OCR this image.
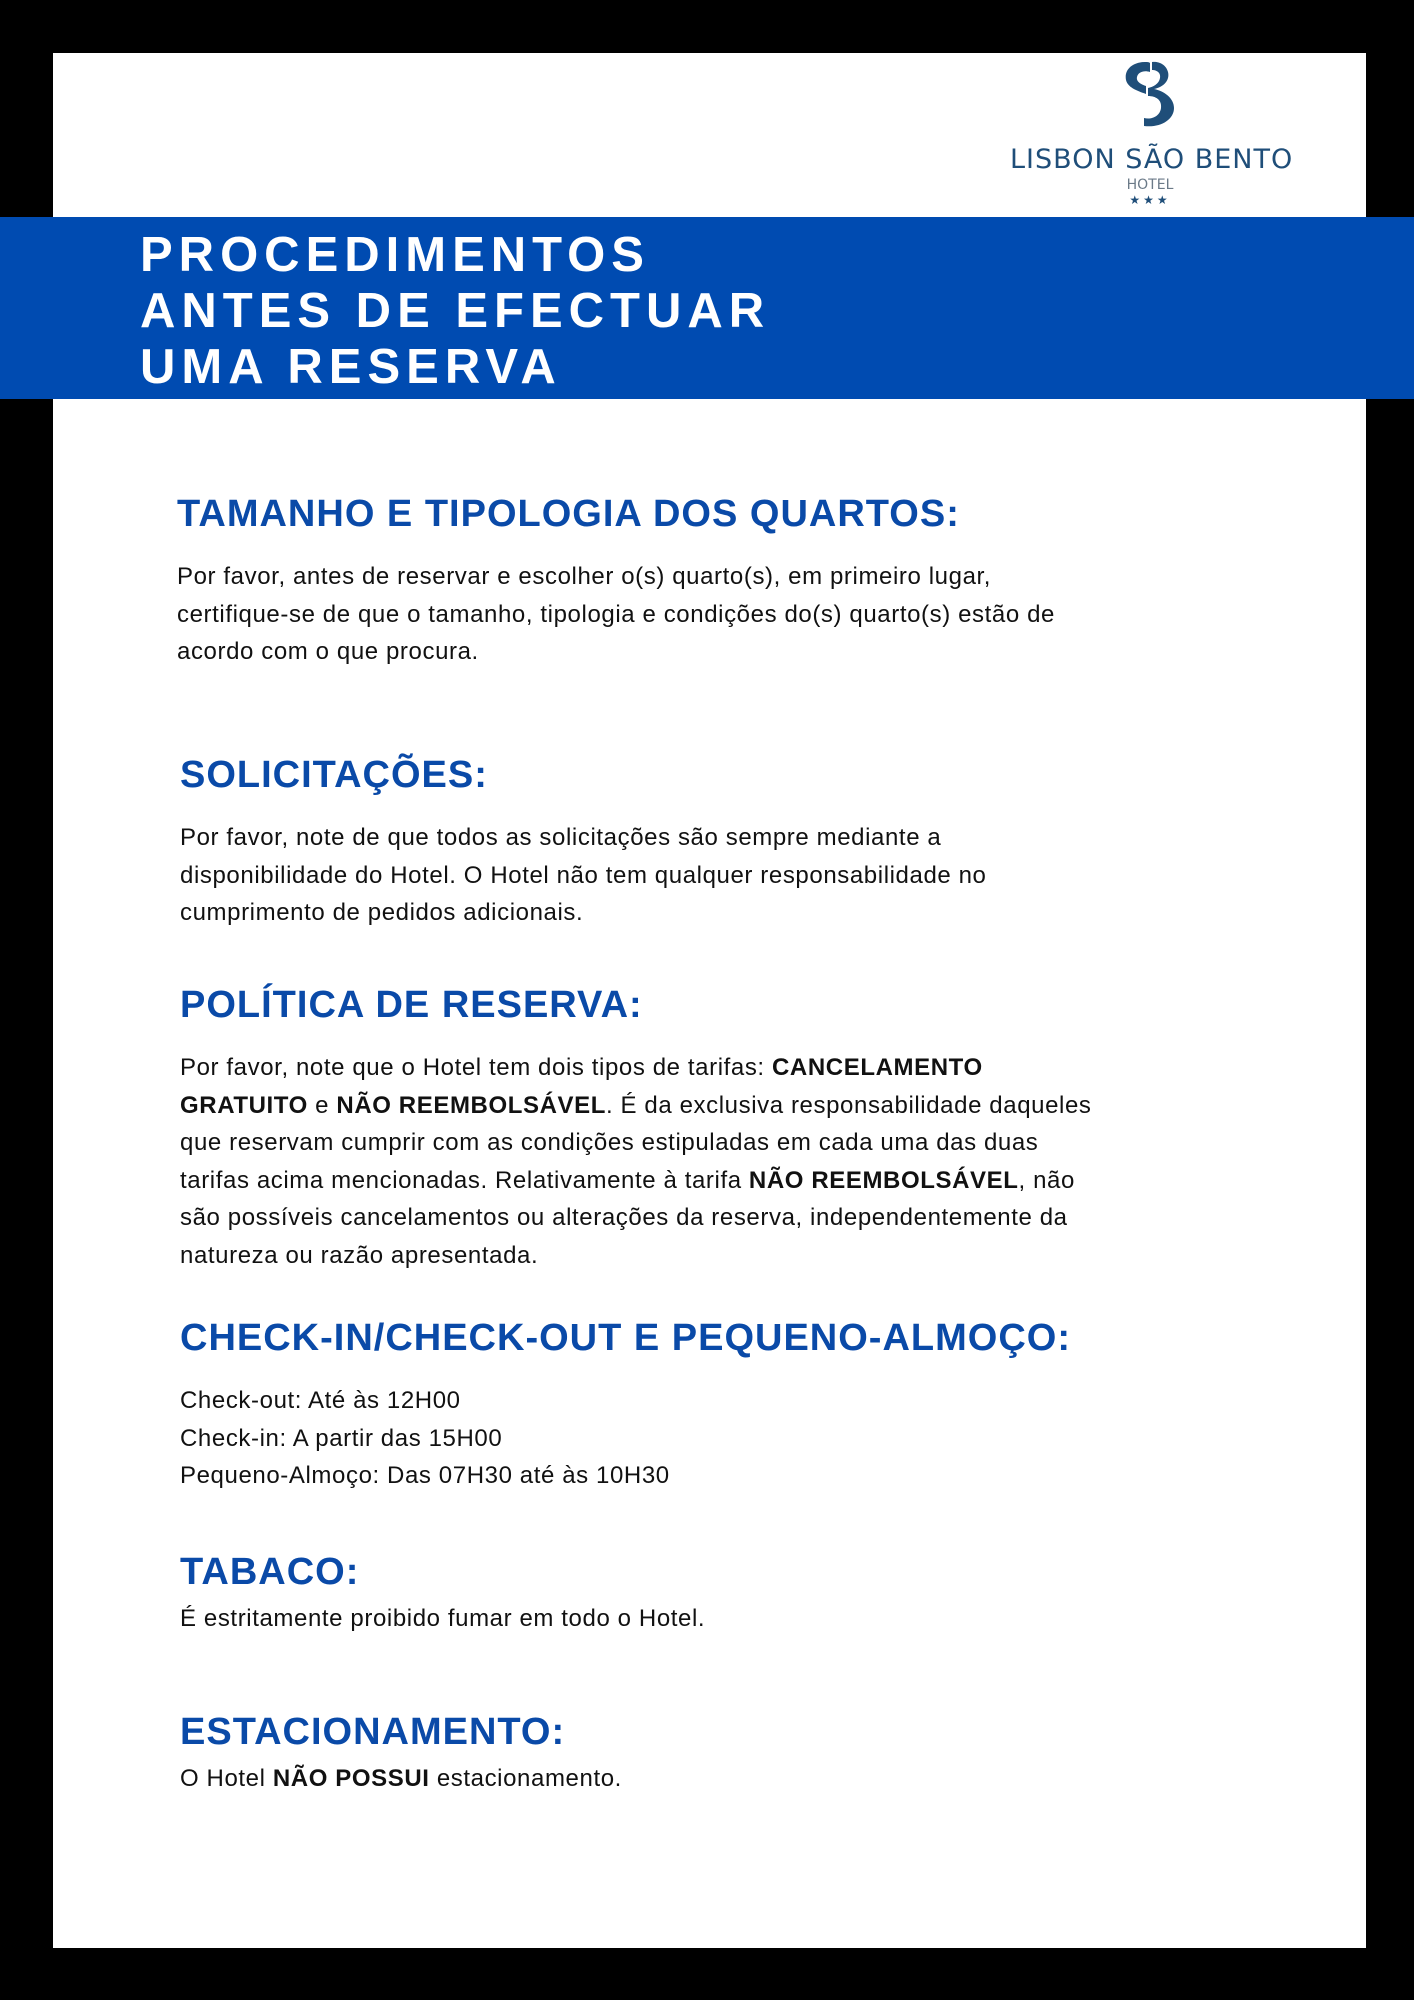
LISBON SÃO BENTO
HOTEL
★★★
PROCEDIMENTOS
ANTES DE EFECTUAR
UMA RESERVA
TAMANHO E TIPOLOGIA DOS QUARTOS:

Por favor, antes de reservar e escolher o(s) quarto(s), em primeiro lugar,

certifique-se de que o tamanho, tipologia e condições do(s) quarto(s) estão de

acordo com o que procura.

SOLICITAÇÕES:

Por favor, note de que todos as solicitações são sempre mediante a

disponibilidade do Hotel. O Hotel não tem qualquer responsabilidade no

cumprimento de pedidos adicionais.

POLÍTICA DE RESERVA:

Por favor, note que o Hotel tem dois tipos de tarifas: CANCELAMENTO

GRATUITO e NÃO REEMBOLSÁVEL. É da exclusiva responsabilidade daqueles

que reservam cumprir com as condições estipuladas em cada uma das duas

tarifas acima mencionadas. Relativamente à tarifa NÃO REEMBOLSÁVEL, não

são possíveis cancelamentos ou alterações da reserva, independentemente da

natureza ou razão apresentada.

CHECK-IN/CHECK-OUT E PEQUENO-ALMOÇO:

Check-out: Até às 12H00

Check-in: A partir das 15H00

Pequeno-Almoço: Das 07H30 até às 10H30

TABACO:

É estritamente proibido fumar em todo o Hotel.

ESTACIONAMENTO:

O Hotel NÃO POSSUI estacionamento.
